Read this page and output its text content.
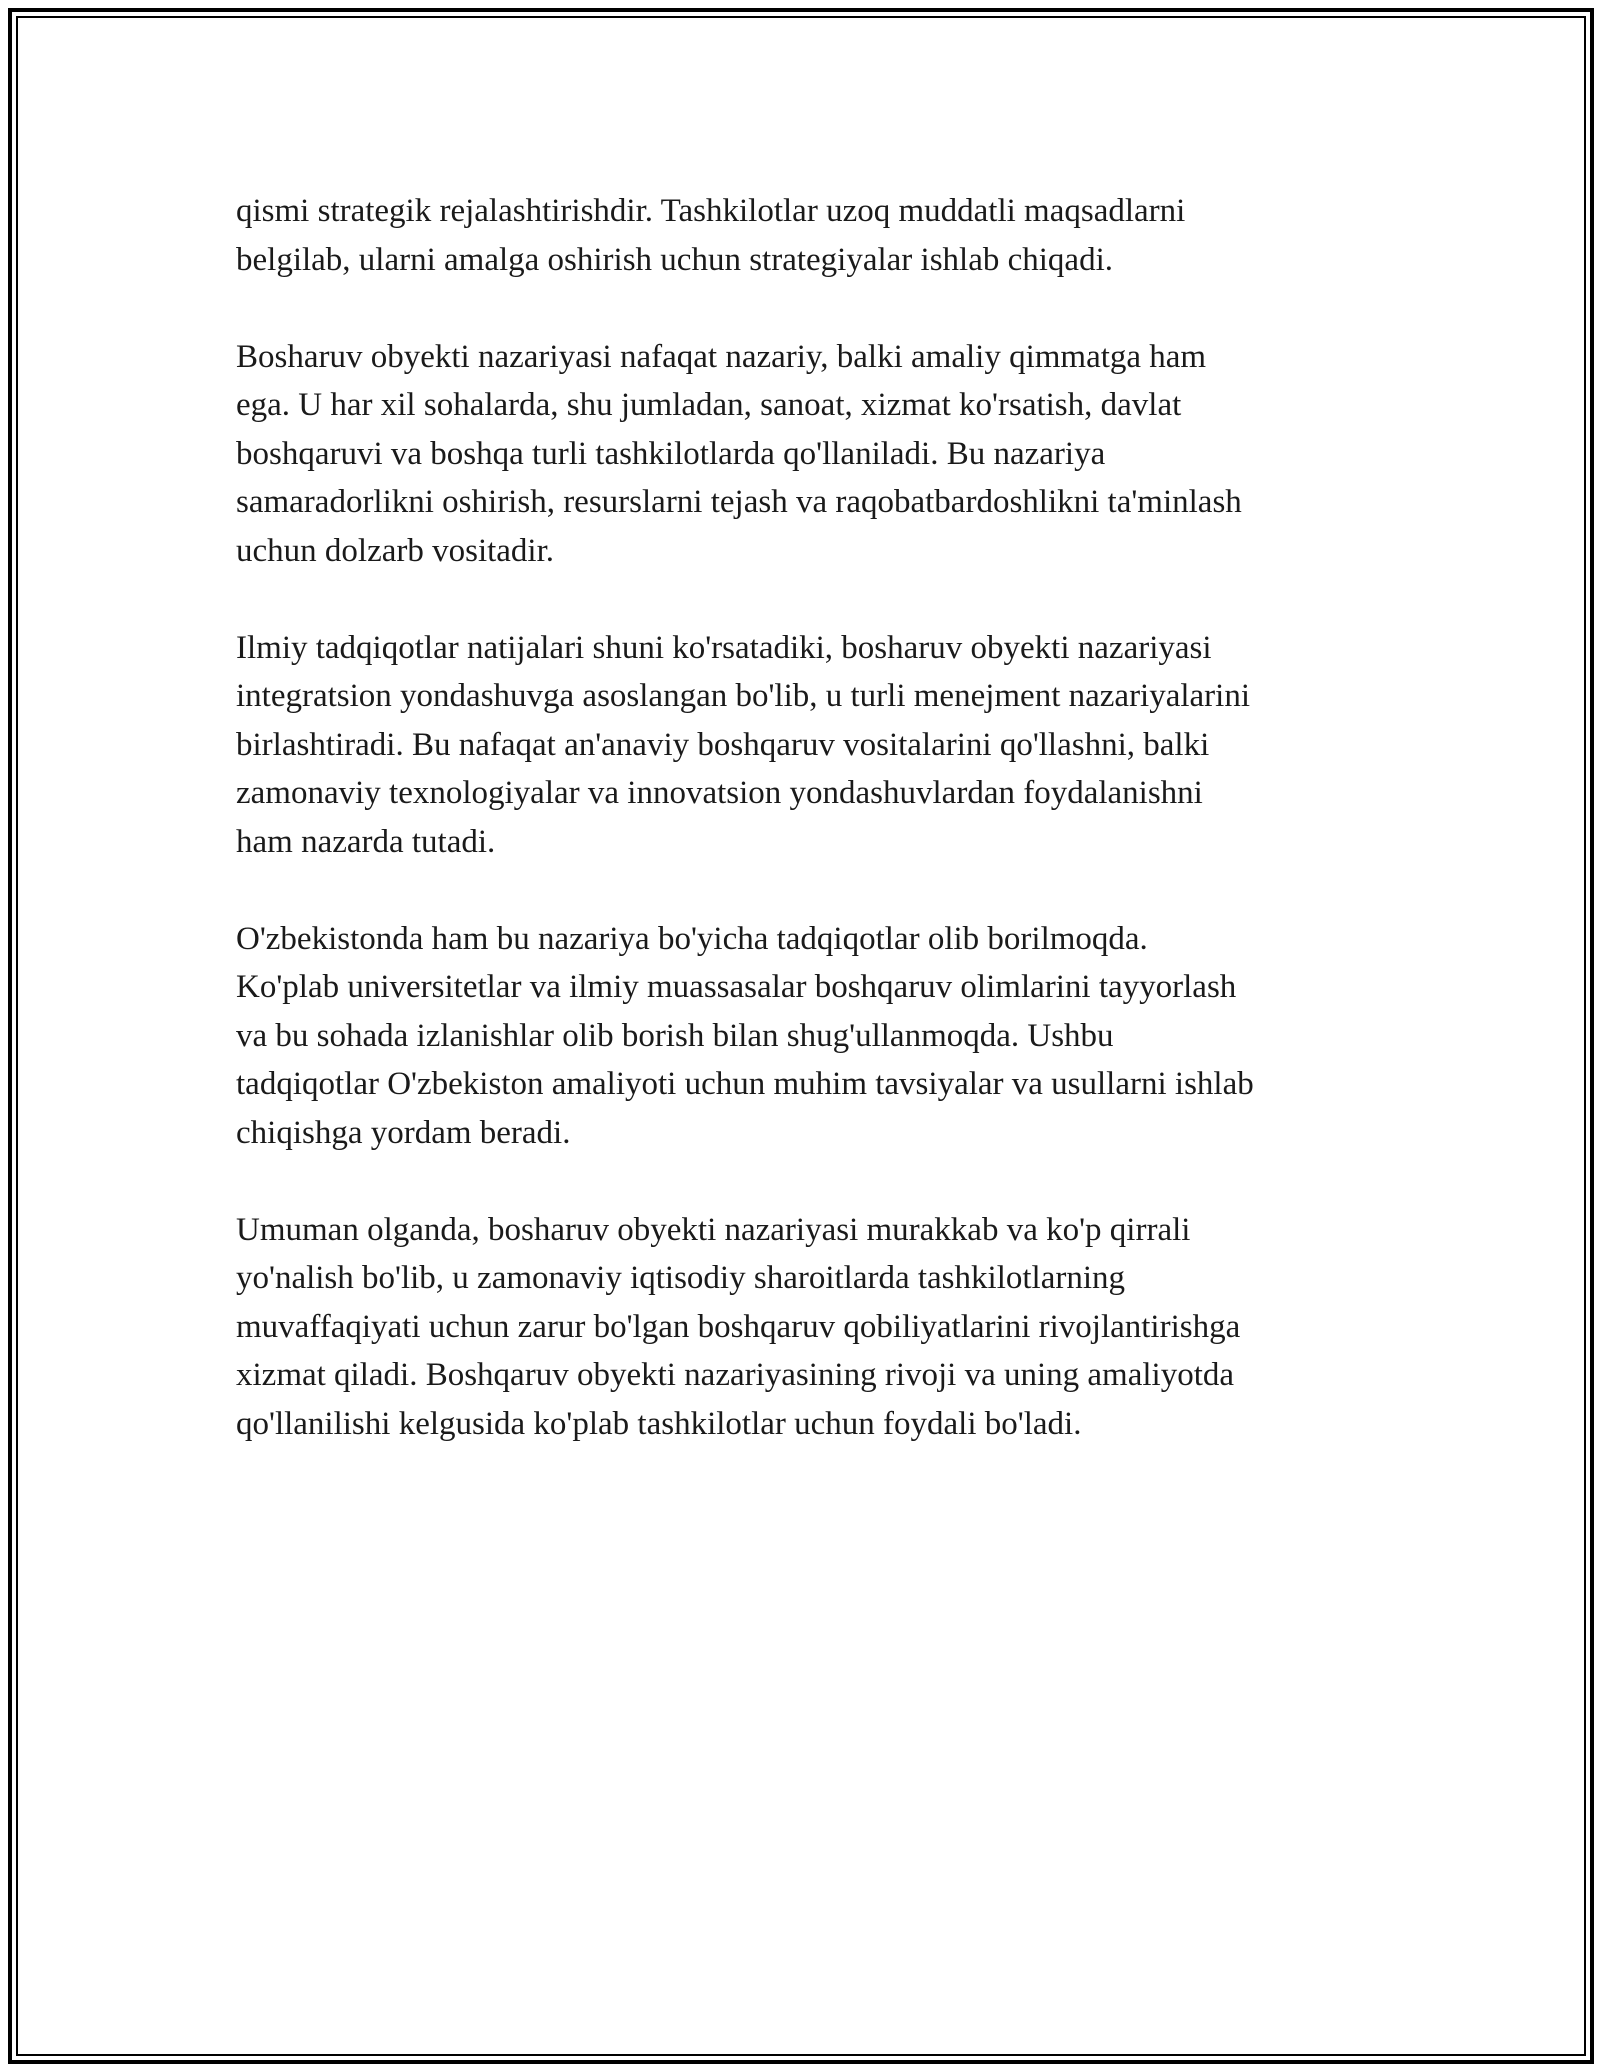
qismi strategik rejalashtirishdir. Tashkilotlar uzoq muddatli maqsadlarni
belgilab, ularni amalga oshirish uchun strategiyalar ishlab chiqadi.

Bosharuv obyekti nazariyasi nafaqat nazariy, balki amaliy qimmatga ham
ega. U har xil sohalarda, shu jumladan, sanoat, xizmat ko'rsatish, davlat
boshqaruvi va boshqa turli tashkilotlarda qo'llaniladi. Bu nazariya
samaradorlikni oshirish, resurslarni tejash va raqobatbardoshlikni ta'minlash
uchun dolzarb vositadir.

Ilmiy tadqiqotlar natijalari shuni ko'rsatadiki, bosharuv obyekti nazariyasi
integratsion yondashuvga asoslangan bo'lib, u turli menejment nazariyalarini
birlashtiradi. Bu nafaqat an'anaviy boshqaruv vositalarini qo'llashni, balki
zamonaviy texnologiyalar va innovatsion yondashuvlardan foydalanishni
ham nazarda tutadi.

O'zbekistonda ham bu nazariya bo'yicha tadqiqotlar olib borilmoqda.
Ko'plab universitetlar va ilmiy muassasalar boshqaruv olimlarini tayyorlash
va bu sohada izlanishlar olib borish bilan shug'ullanmoqda. Ushbu
tadqiqotlar O'zbekiston amaliyoti uchun muhim tavsiyalar va usullarni ishlab
chiqishga yordam beradi.

Umuman olganda, bosharuv obyekti nazariyasi murakkab va ko'p qirrali
yo'nalish bo'lib, u zamonaviy iqtisodiy sharoitlarda tashkilotlarning
muvaffaqiyati uchun zarur bo'lgan boshqaruv qobiliyatlarini rivojlantirishga
xizmat qiladi. Boshqaruv obyekti nazariyasining rivoji va uning amaliyotda
qo'llanilishi kelgusida ko'plab tashkilotlar uchun foydali bo'ladi.
